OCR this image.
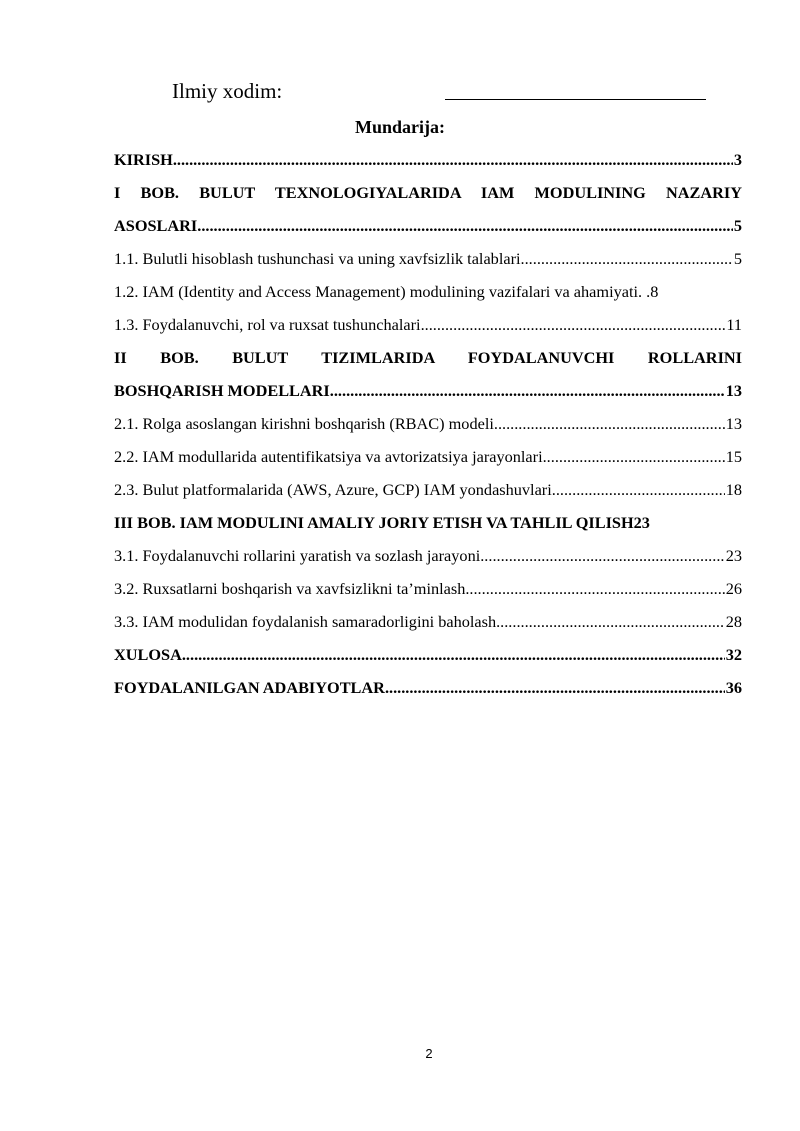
Ilmiy xodim:
Mundarija:
KIRISH .....	3
I BOB. BULUT TEXNOLOGIYALARIDA IAM MODULINING NAZARIY
ASOSLARI .....	5
1.1. Bulutli hisoblash tushunchasi va uning xavfsizlik talablari .....	5
1.2. IAM (Identity and Access Management) modulining vazifalari va ahamiyati. . 8
1.3. Foydalanuvchi, rol va ruxsat tushunchalari .....	11
II BOB. BULUT TIZIMLARIDA FOYDALANUVCHI ROLLARINI
BOSHQARISH MODELLARI .....	13
2.1. Rolga asoslangan kirishni boshqarish (RBAC) modeli .....	13
2.2. IAM modullarida autentifikatsiya va avtorizatsiya jarayonlari .....	15
2.3. Bulut platformalarida (AWS, Azure, GCP) IAM yondashuvlari .....	18
III BOB. IAM MODULINI AMALIY JORIY ETISH VA TAHLIL QILISH 23
3.1. Foydalanuvchi rollarini yaratish va sozlash jarayoni .....	23
3.2. Ruxsatlarni boshqarish va xavfsizlikni ta’minlash .....	26
3.3. IAM modulidan foydalanish samaradorligini baholash .....	28
XULOSA .....	32
FOYDALANILGAN ADABIYOTLAR .....	36
2
